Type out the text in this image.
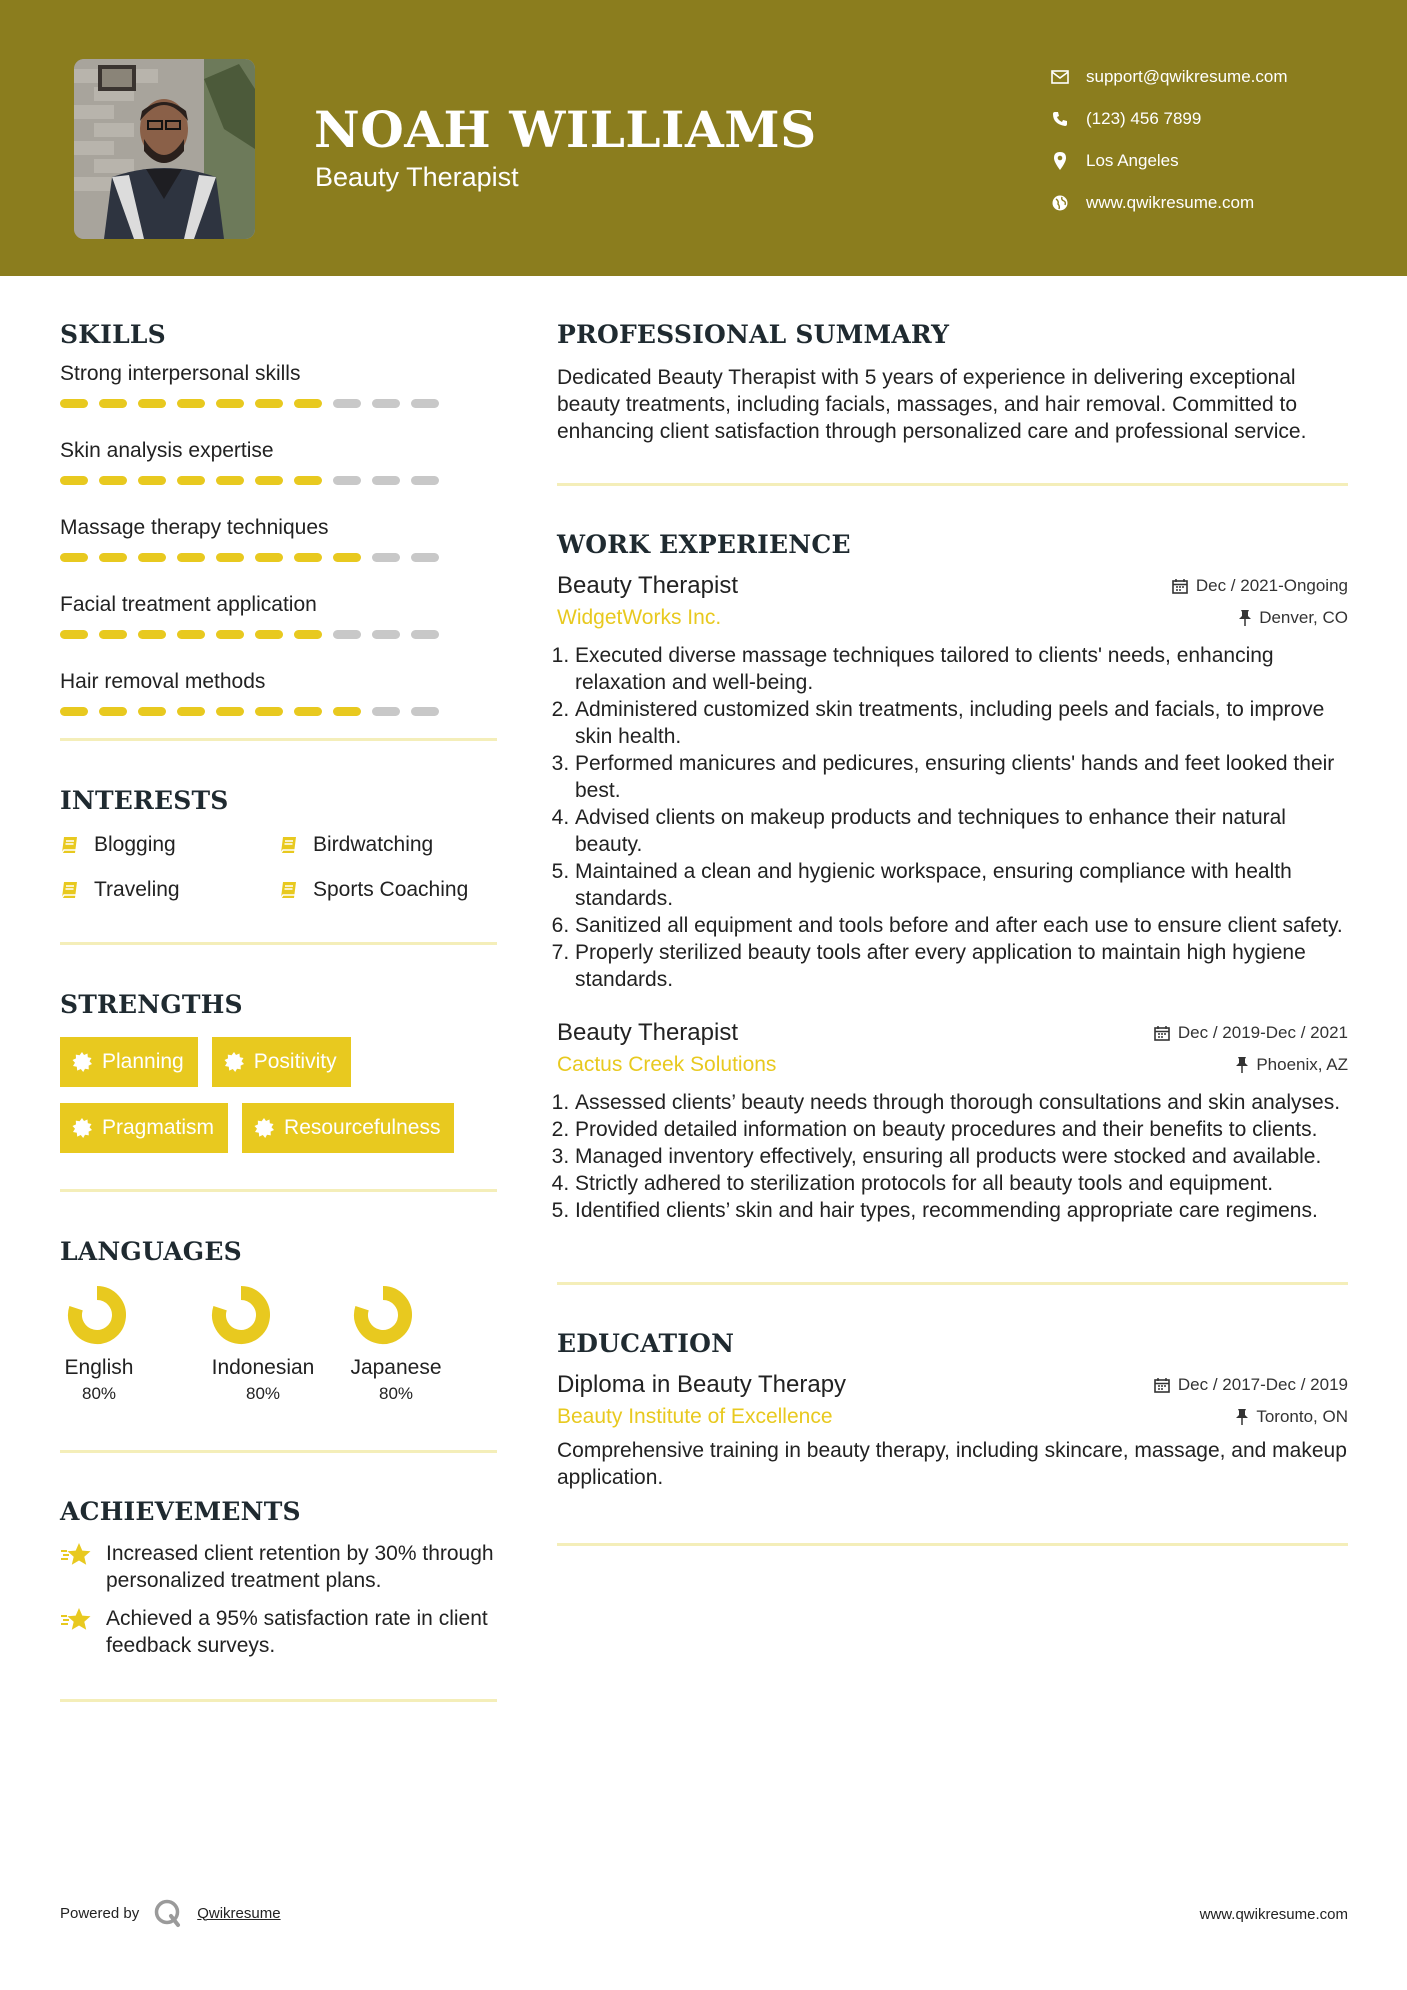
NOAH WILLIAMS
Beauty Therapist
support@qwikresume.com
(123) 456 7899
Los Angeles
www.qwikresume.com
SKILLS
Strong interpersonal skills
Skin analysis expertise
Massage therapy techniques
Facial treatment application
Hair removal methods
INTERESTS
Blogging	Birdwatching
Traveling	Sports Coaching
STRENGTHS
Planning	Positivity
Pragmatism	Resourcefulness
LANGUAGES
English
80%
Indonesian
80%
Japanese
80%
ACHIEVEMENTS
Increased client retention by 30% through personalized treatment plans.
Achieved a 95% satisfaction rate in client feedback surveys.
PROFESSIONAL SUMMARY
Dedicated Beauty Therapist with 5 years of experience in delivering exceptional beauty treatments, including facials, massages, and hair removal. Committed to enhancing client satisfaction through personalized care and professional service.
WORK EXPERIENCE
Beauty Therapist	Dec / 2021-Ongoing
WidgetWorks Inc.	Denver, CO
1. Executed diverse massage techniques tailored to clients' needs, enhancing relaxation and well-being.
2. Administered customized skin treatments, including peels and facials, to improve skin health.
3. Performed manicures and pedicures, ensuring clients' hands and feet looked their best.
4. Advised clients on makeup products and techniques to enhance their natural beauty.
5. Maintained a clean and hygienic workspace, ensuring compliance with health standards.
6. Sanitized all equipment and tools before and after each use to ensure client safety.
7. Properly sterilized beauty tools after every application to maintain high hygiene standards.
Beauty Therapist	Dec / 2019-Dec / 2021
Cactus Creek Solutions	Phoenix, AZ
1. Assessed clients’ beauty needs through thorough consultations and skin analyses.
2. Provided detailed information on beauty procedures and their benefits to clients.
3. Managed inventory effectively, ensuring all products were stocked and available.
4. Strictly adhered to sterilization protocols for all beauty tools and equipment.
5. Identified clients’ skin and hair types, recommending appropriate care regimens.
EDUCATION
Diploma in Beauty Therapy	Dec / 2017-Dec / 2019
Beauty Institute of Excellence	Toronto, ON
Comprehensive training in beauty therapy, including skincare, massage, and makeup application.
Powered by	Qwikresume	www.qwikresume.com
